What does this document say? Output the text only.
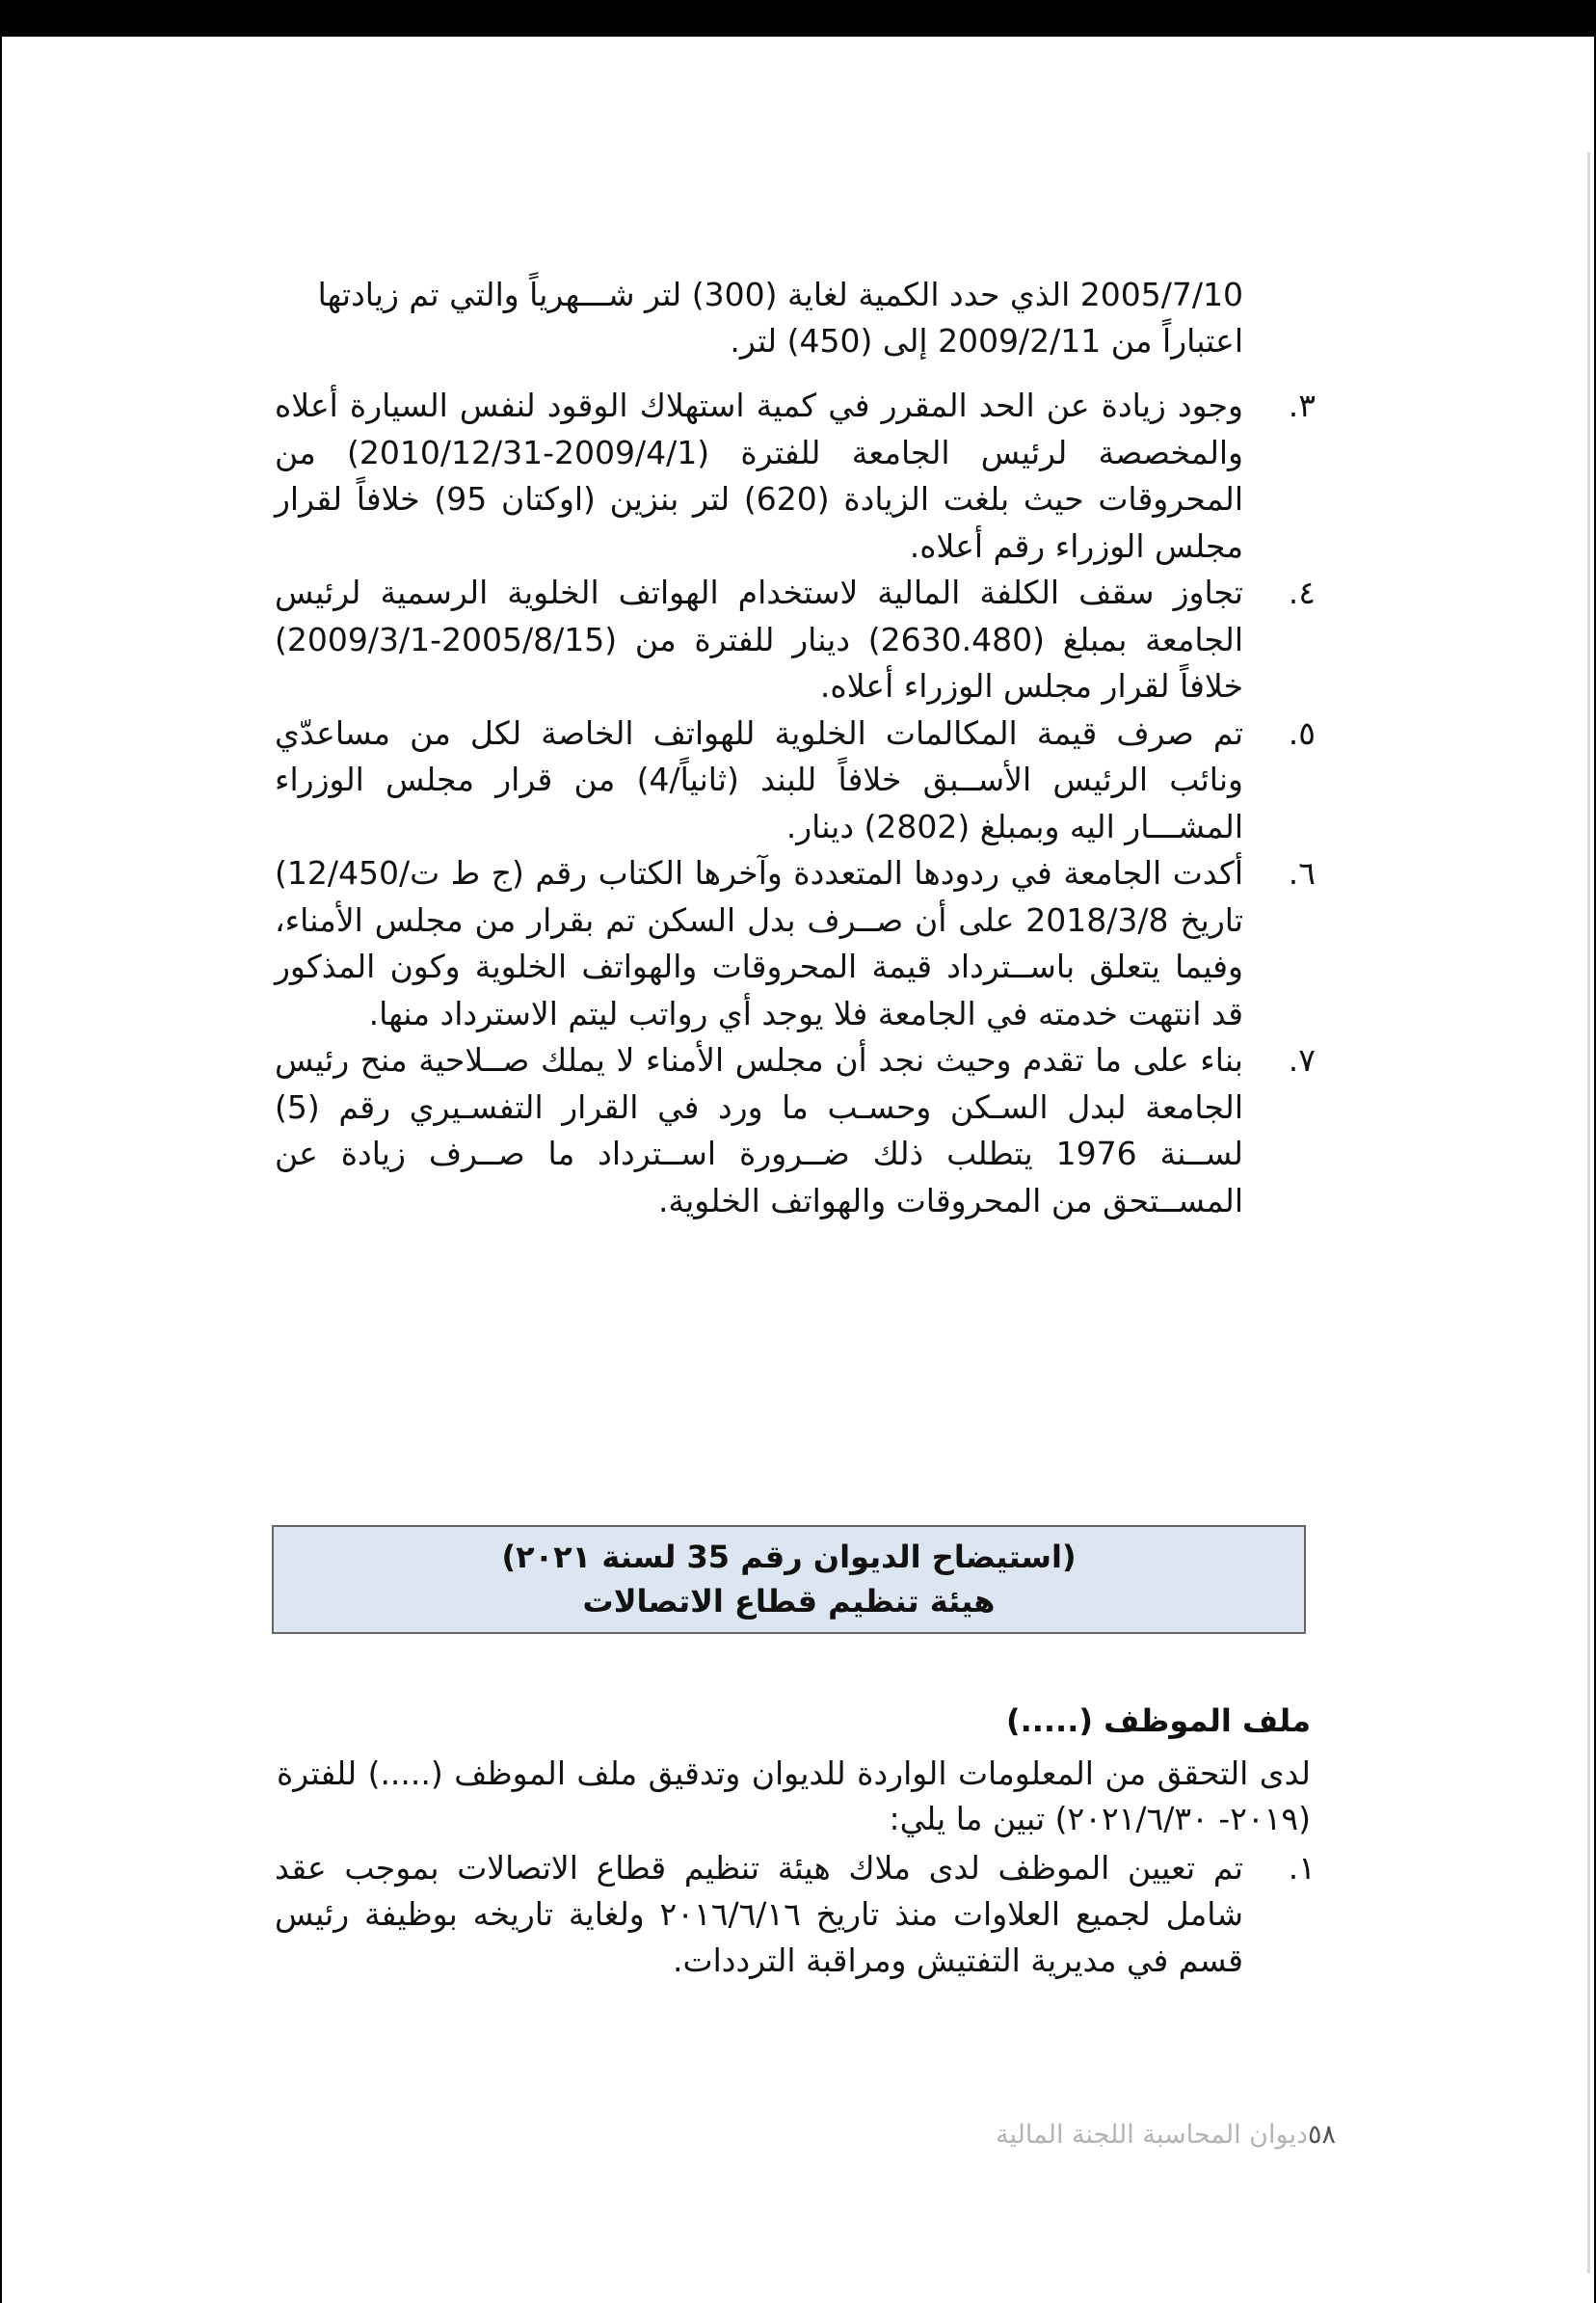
2005/7/10 الذي حدد الكمية لغاية (300) لتر شـــهرياً والتي تم زيادتها
اعتباراً من 2009/2/11 إلى (450) لتر.
٣.
وجود زيادة عن الحد المقرر في كمية استهلاك الوقود لنفس السيارة أعلاه والمخصصة لرئيس الجامعة للفترة (2009/4/1-2010/12/31) من المحروقات حيث بلغت الزيادة (620) لتر بنزين (اوكتان 95) خلافاً لقرار مجلس الوزراء رقم أعلاه.
٤.
تجاوز سقف الكلفة المالية لاستخدام الهواتف الخلوية الرسمية لرئيس الجامعة بمبلغ (2630.480) دينار للفترة من (2005/8/15-2009/3/1) خلافاً لقرار مجلس الوزراء أعلاه.
٥.
تم صرف قيمة المكالمات الخلوية للهواتف الخاصة لكل من مساعدّي ونائب الرئيس الأســبق خلافاً للبند (ثانياً/4) من قرار مجلس الوزراء المشـــار اليه وبمبلغ (2802) دينار.
٦.
أكدت الجامعة في ردودها المتعددة وآخرها الكتاب رقم (ج ط ت/12/450) تاريخ 2018/3/8 على أن صــرف بدل السكن تم بقرار من مجلس الأمناء، وفيما يتعلق باســترداد قيمة المحروقات والهواتف الخلوية وكون المذكور قد انتهت خدمته في الجامعة فلا يوجد أي رواتب ليتم الاسترداد منها.
٧.
بناء على ما تقدم وحيث نجد أن مجلس الأمناء لا يملك صــلاحية منح رئيس الجامعة لبدل السـكن وحسـب ما ورد في القرار التفسـيري رقم (5) لســنة 1976 يتطلب ذلك ضــرورة اســترداد ما صــرف زيادة عن المســتحق من المحروقات والهواتف الخلوية.
(استيضاح الديوان رقم 35 لسنة ٢٠٢١)
هيئة تنظيم قطاع الاتصالات
ملف الموظف (.....)
لدى التحقق من المعلومات الواردة للديوان وتدقيق ملف الموظف (.....) للفترة (٢٠١٩- ٢٠٢١/٦/٣٠) تبين ما يلي:
١.
تم تعيين الموظف لدى ملاك هيئة تنظيم قطاع الاتصالات بموجب عقد شامل لجميع العلاوات منذ تاريخ ٢٠١٦/٦/١٦ ولغاية تاريخه بوظيفة رئيس قسم في مديرية التفتيش ومراقبة الترددات.
٥٨ديوان المحاسبة اللجنة المالية
